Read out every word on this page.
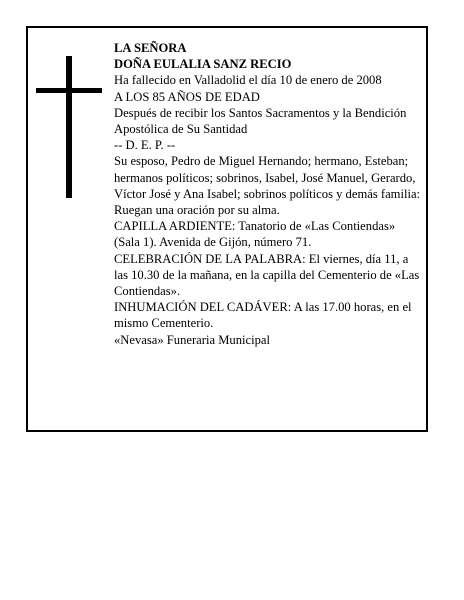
LA SEÑORA

DOÑA EULALIA SANZ RECIO

Ha fallecido en Valladolid el día 10 de enero de 2008

A LOS 85 AÑOS DE EDAD

Después de recibir los Santos Sacramentos y la Bendición Apostólica de Su Santidad

-- D. E. P. --

Su esposo, Pedro de Miguel Hernando; hermano, Esteban; hermanos políticos; sobrinos, Isabel, José Manuel, Gerardo, Víctor José y Ana Isabel; sobrinos políticos y demás familia:

Ruegan una oración por su alma.

CAPILLA ARDIENTE: Tanatorio de «Las Contiendas» (Sala 1). Avenida de Gijón, número 71.

CELEBRACIÓN DE LA PALABRA: El viernes, día 11, a las 10.30 de la mañana, en la capilla del Cementerio de «Las Contiendas».

INHUMACIÓN DEL CADÁVER: A las 17.00 horas, en el mismo Cementerio.

«Nevasa» Funeraria Municipal
